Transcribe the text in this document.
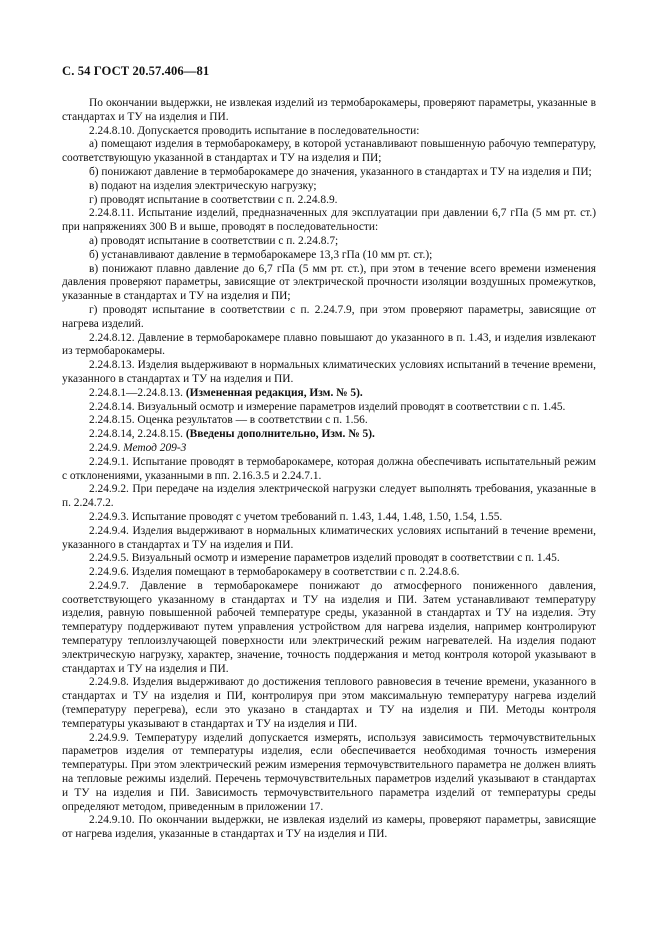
С. 54 ГОСТ 20.57.406—81

По окончании выдержки, не извлекая изделий из термобарокамеры, проверяют параметры, указанные в стандартах и ТУ на изделия и ПИ.

2.24.8.10. Допускается проводить испытание в последовательности:

а) помещают изделия в термобарокамеру, в которой устанавливают повышенную рабочую температуру, соответствующую указанной в стандартах и ТУ на изделия и ПИ;

б) понижают давление в термобарокамере до значения, указанного в стандартах и ТУ на изделия и ПИ;

в) подают на изделия электрическую нагрузку;

г) проводят испытание в соответствии с п. 2.24.8.9.

2.24.8.11. Испытание изделий, предназначенных для эксплуатации при давлении 6,7 гПа (5 мм рт. ст.) при напряжениях 300 В и выше, проводят в последовательности:

а) проводят испытание в соответствии с п. 2.24.8.7;

б) устанавливают давление в термобарокамере 13,3 гПа (10 мм рт. ст.);

в) понижают плавно давление до 6,7 гПа (5 мм рт. ст.), при этом в течение всего времени изменения давления проверяют параметры, зависящие от электрической прочности изоляции воздушных промежутков, указанные в стандартах и ТУ на изделия и ПИ;

г) проводят испытание в соответствии с п. 2.24.7.9, при этом проверяют параметры, зависящие от нагрева изделий.

2.24.8.12. Давление в термобарокамере плавно повышают до указанного в п. 1.43, и изделия извлекают из термобарокамеры.

2.24.8.13. Изделия выдерживают в нормальных климатических условиях испытаний в течение времени, указанного в стандартах и ТУ на изделия и ПИ.

2.24.8.1—2.24.8.13. (Измененная редакция, Изм. № 5).

2.24.8.14. Визуальный осмотр и измерение параметров изделий проводят в соответствии с п. 1.45.

2.24.8.15. Оценка результатов — в соответствии с п. 1.56.

2.24.8.14, 2.24.8.15. (Введены дополнительно, Изм. № 5).

2.24.9. Метод 209-3

2.24.9.1. Испытание проводят в термобарокамере, которая должна обеспечивать испытательный режим с отклонениями, указанными в пп. 2.16.3.5 и 2.24.7.1.

2.24.9.2. При передаче на изделия электрической нагрузки следует выполнять требования, указанные в п. 2.24.7.2.

2.24.9.3. Испытание проводят с учетом требований п. 1.43, 1.44, 1.48, 1.50, 1.54, 1.55.

2.24.9.4. Изделия выдерживают в нормальных климатических условиях испытаний в течение времени, указанного в стандартах и ТУ на изделия и ПИ.

2.24.9.5. Визуальный осмотр и измерение параметров изделий проводят в соответствии с п. 1.45.

2.24.9.6. Изделия помещают в термобарокамеру в соответствии с п. 2.24.8.6.

2.24.9.7. Давление в термобарокамере понижают до атмосферного пониженного давления, соответствующего указанному в стандартах и ТУ на изделия и ПИ. Затем устанавливают температуру изделия, равную повышенной рабочей температуре среды, указанной в стандартах и ТУ на изделия. Эту температуру поддерживают путем управления устройством для нагрева изделия, например контролируют температуру теплоизлучающей поверхности или электрический режим нагревателей. На изделия подают электрическую нагрузку, характер, значение, точность поддержания и метод контроля которой указывают в стандартах и ТУ на изделия и ПИ.

2.24.9.8. Изделия выдерживают до достижения теплового равновесия в течение времени, указанного в стандартах и ТУ на изделия и ПИ, контролируя при этом максимальную температуру нагрева изделий (температуру перегрева), если это указано в стандартах и ТУ на изделия и ПИ. Методы контроля температуры указывают в стандартах и ТУ на изделия и ПИ.

2.24.9.9. Температуру изделий допускается измерять, используя зависимость термочувствительных параметров изделия от температуры изделия, если обеспечивается необходимая точность измерения температуры. При этом электрический режим измерения термочувствительного параметра не должен влиять на тепловые режимы изделий. Перечень термочувствительных параметров изделий указывают в стандартах и ТУ на изделия и ПИ. Зависимость термочувствительного параметра изделий от температуры среды определяют методом, приведенным в приложении 17.

2.24.9.10. По окончании выдержки, не извлекая изделий из камеры, проверяют параметры, зависящие от нагрева изделия, указанные в стандартах и ТУ на изделия и ПИ.
